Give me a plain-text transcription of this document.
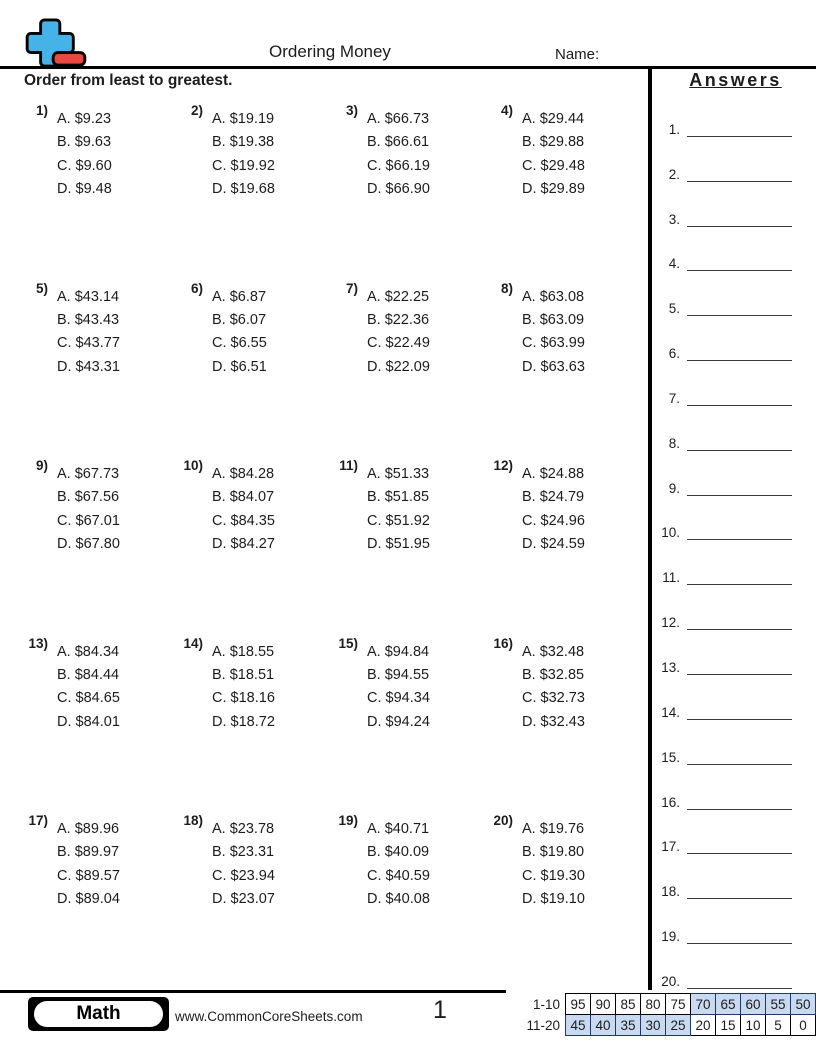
Ordering Money	Name:
Order from least to greatest.
1)
A. $9.23
B. $9.63
C. $9.60
D. $9.48
2)
A. $19.19
B. $19.38
C. $19.92
D. $19.68
3)
A. $66.73
B. $66.61
C. $66.19
D. $66.90
4)
A. $29.44
B. $29.88
C. $29.48
D. $29.89
5)
A. $43.14
B. $43.43
C. $43.77
D. $43.31
6)
A. $6.87
B. $6.07
C. $6.55
D. $6.51
7)
A. $22.25
B. $22.36
C. $22.49
D. $22.09
8)
A. $63.08
B. $63.09
C. $63.99
D. $63.63
9)
A. $67.73
B. $67.56
C. $67.01
D. $67.80
10)
A. $84.28
B. $84.07
C. $84.35
D. $84.27
11)
A. $51.33
B. $51.85
C. $51.92
D. $51.95
12)
A. $24.88
B. $24.79
C. $24.96
D. $24.59
13)
A. $84.34
B. $84.44
C. $84.65
D. $84.01
14)
A. $18.55
B. $18.51
C. $18.16
D. $18.72
15)
A. $94.84
B. $94.55
C. $94.34
D. $94.24
16)
A. $32.48
B. $32.85
C. $32.73
D. $32.43
17)
A. $89.96
B. $89.97
C. $89.57
D. $89.04
18)
A. $23.78
B. $23.31
C. $23.94
D. $23.07
19)
A. $40.71
B. $40.09
C. $40.59
D. $40.08
20)
A. $19.76
B. $19.80
C. $19.30
D. $19.10
Answers
1.
2.
3.
4.
5.
6.
7.
8.
9.
10.
11.
12.
13.
14.
15.
16.
17.
18.
19.
20.
Math	www.CommonCoreSheets.com	1	1-10	95	90	85	80	75	70	65	60	55	50
11-20	45	40	35	30	25	20	15	10	5	0
